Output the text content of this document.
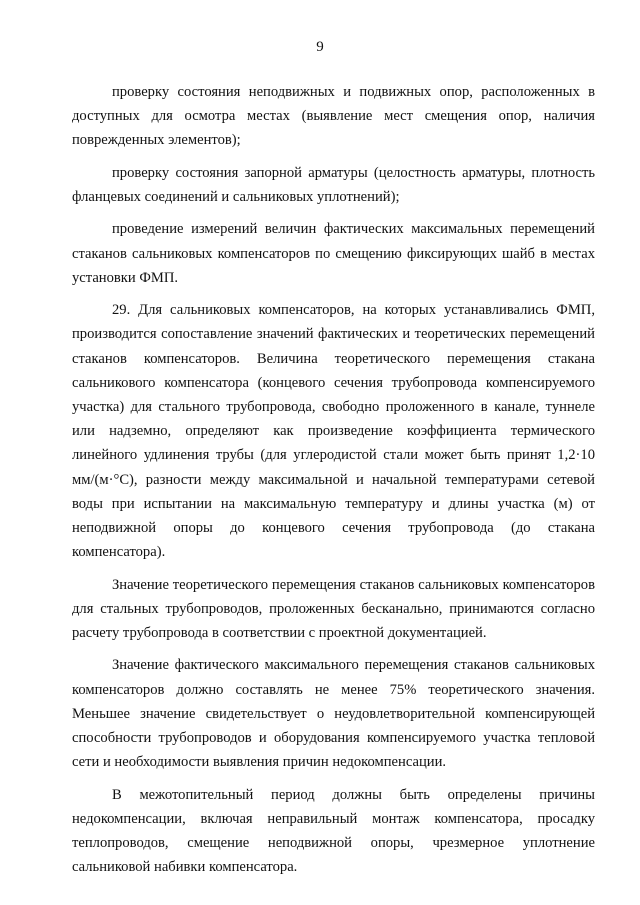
9

проверку состояния неподвижных и подвижных опор, расположенных в доступных для осмотра местах (выявление мест смещения опор, наличия поврежденных элементов);

проверку состояния запорной арматуры (целостность арматуры, плотность фланцевых соединений и сальниковых уплотнений);

проведение измерений величин фактических максимальных перемещений стаканов сальниковых компенсаторов по смещению фиксирующих шайб в местах установки ФМП.

29. Для сальниковых компенсаторов, на которых устанавливались ФМП, производится сопоставление значений фактических и теоретических перемещений стаканов компенсаторов. Величина теоретического перемещения стакана сальникового компенсатора (концевого сечения трубопровода компенсируемого участка) для стального трубопровода, свободно проложенного в канале, туннеле или надземно, определяют как произведение коэффициента термического линейного удлинения трубы (для углеродистой стали может быть принят 1,2·10 мм/(м·°С), разности между максимальной и начальной температурами сетевой воды при испытании на максимальную температуру и длины участка (м) от неподвижной опоры до концевого сечения трубопровода (до стакана компенсатора).

Значение теоретического перемещения стаканов сальниковых компенсаторов для стальных трубопроводов, проложенных бесканально, принимаются согласно расчету трубопровода в соответствии с проектной документацией.

Значение фактического максимального перемещения стаканов сальниковых компенсаторов должно составлять не менее 75% теоретического значения. Меньшее значение свидетельствует о неудовлетворительной компенсирующей способности трубопроводов и оборудования компенсируемого участка тепловой сети и необходимости выявления причин недокомпенсации.

В межотопительный период должны быть определены причины недокомпенсации, включая неправильный монтаж компенсатора, просадку теплопроводов, смещение неподвижной опоры, чрезмерное уплотнение сальниковой набивки компенсатора.
